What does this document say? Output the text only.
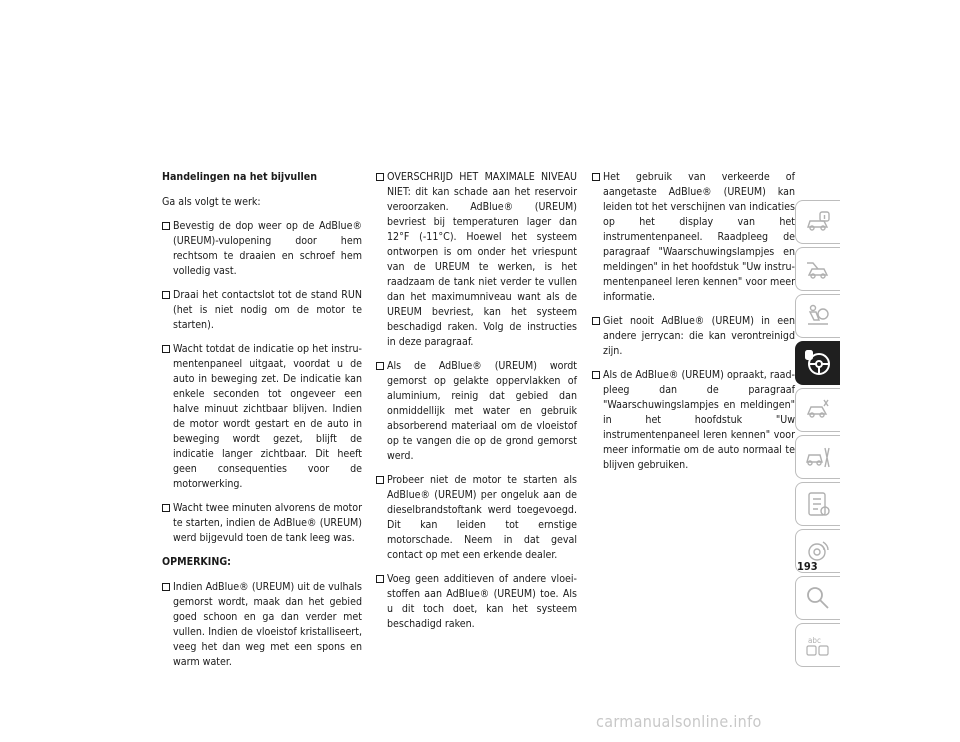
Handelingen na het bijvullen

Ga als volgt te werk:

Bevestig de dop weer op de AdBlue® (UREUM)-vulopening door hem rechtsom te draaien en schroef hem volledig vast.

Draai het contactslot tot de stand RUN (het is niet nodig om de motor te starten).

Wacht totdat de indicatie op het instrumentenpaneel uitgaat, voordat u de auto in beweging zet. De indicatie kan enkele seconden tot ongeveer een halve minuut zichtbaar blijven. Indien de motor wordt gestart en de auto in beweging wordt gezet, blijft de indicatie langer zichtbaar. Dit heeft geen consequenties voor de motorwerking.

Wacht twee minuten alvorens de motor te starten, indien de AdBlue® (UREUM) werd bijgevuld toen de tank leeg was.

OPMERKING:

Indien AdBlue® (UREUM) uit de vulhals gemorst wordt, maak dan het gebied goed schoon en ga dan verder met vullen. Indien de vloeistof kristalliseert, veeg het dan weg met een spons en warm water.

OVERSCHRIJD HET MAXIMALE NIVEAU NIET: dit kan schade aan het reservoir veroorzaken. AdBlue® (UREUM) bevriest bij temperaturen lager dan 12°F (-11°C). Hoewel het systeem ontworpen is om onder het vriespunt van de UREUM te werken, is het raadzaam de tank niet verder te vullen dan het maximumniveau want als de UREUM bevriest, kan het systeem beschadigd raken. Volg de instructies in deze paragraaf.

Als de AdBlue® (UREUM) wordt gemorst op gelakte oppervlakken of aluminium, reinig dat gebied dan onmiddellijk met water en gebruik absorberend materiaal om de vloeistof op te vangen die op de grond gemorst werd.

Probeer niet de motor te starten als AdBlue® (UREUM) per ongeluk aan de dieselbrandstoftank werd toegevoegd. Dit kan leiden tot ernstige motorschade. Neem in dat geval contact op met een erkende dealer.

Voeg geen additieven of andere vloeistoffen aan AdBlue® (UREUM) toe. Als u dit toch doet, kan het systeem beschadigd raken.

Het gebruik van verkeerde of aangetaste AdBlue® (UREUM) kan leiden tot het verschijnen van indicaties op het display van het instrumentenpaneel. Raadpleeg de paragraaf "Waarschuwingslampjes en meldingen" in het hoofdstuk "Uw instrumentenpaneel leren kennen" voor meer informatie.

Giet nooit AdBlue® (UREUM) in een andere jerrycan: die kan verontreinigd zijn.

Als de AdBlue® (UREUM) opraakt, raadpleeg dan de paragraaf "Waarschuwingslampjes en meldingen" in het hoofdstuk "Uw instrumentenpaneel leren kennen" voor meer informatie om de auto normaal te blijven gebruiken.

abc
193
carmanualsonline.info
